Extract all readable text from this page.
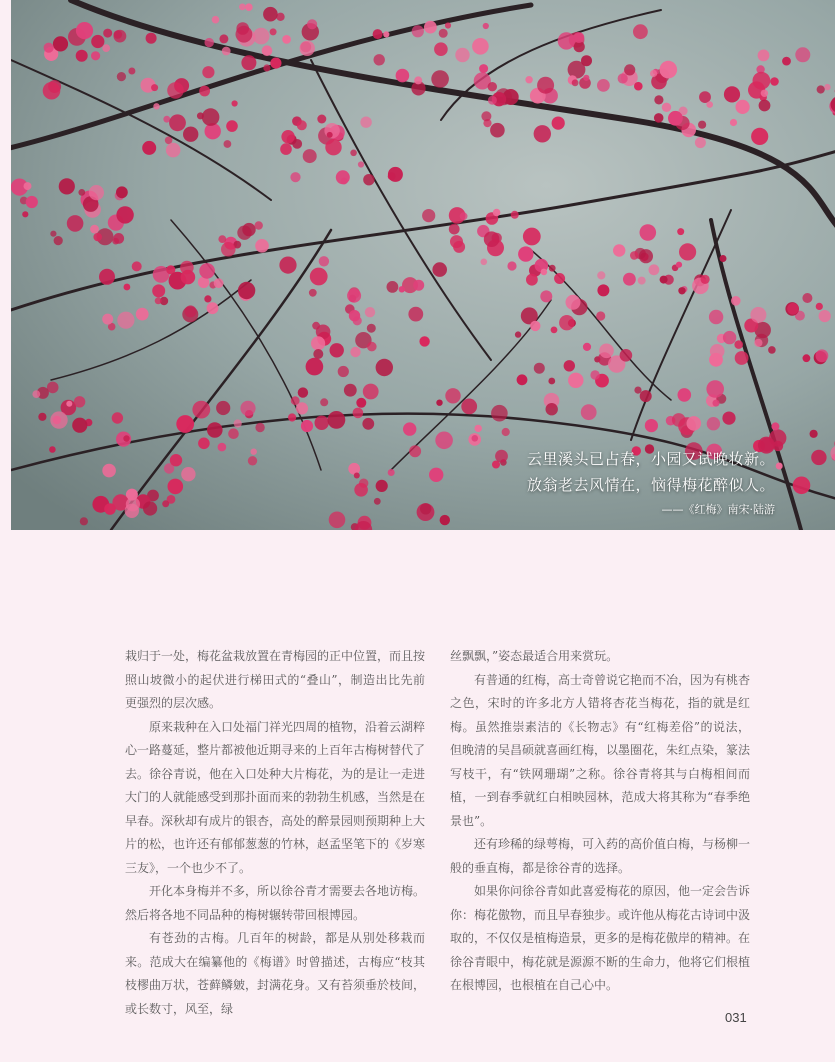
云里溪头已占春，小园又试晚妆新。
放翁老去风情在，恼得梅花醉似人。
——《红梅》南宋·陆游

栽归于一处，梅花盆栽放置在青梅园的正中位置，而且按照山坡微小的起伏进行梯田式的“叠山”，制造出比先前更强烈的层次感。

原来栽种在入口处福门祥光四周的植物，沿着云湖粹心一路蔓延，整片都被他近期寻来的上百年古梅树替代了去。徐谷青说，他在入口处种大片梅花，为的是让一走进大门的人就能感受到那扑面而来的勃勃生机感，当然是在早春。深秋却有成片的银杏，高处的醉景园则预期种上大片的松，也许还有郁郁葱葱的竹林，赵孟坚笔下的《岁寒三友》，一个也少不了。

开化本身梅并不多，所以徐谷青才需要去各地访梅。然后将各地不同品种的梅树辗转带回根博园。

有苍劲的古梅。几百年的树龄，都是从别处移栽而来。范成大在编纂他的《梅谱》时曾描述，古梅应“枝其枝樛曲万状，苍藓鳞皴，封满花身。又有苔须垂於枝间，或长数寸，风至，绿

丝飘飘，”姿态最适合用来赏玩。

有普通的红梅，高士奇曾说它艳而不冶，因为有桃杏之色，宋时的许多北方人错将杏花当梅花，指的就是红梅。虽然推崇素洁的《长物志》有“红梅差俗”的说法，但晚清的吴昌硕就喜画红梅，以墨圈花，朱红点染，篆法写枝干，有“铁网珊瑚”之称。徐谷青将其与白梅相间而植，一到春季就红白相映园林，范成大将其称为“春季绝景也”。

还有珍稀的绿萼梅，可入药的高价值白梅，与杨柳一般的垂直梅，都是徐谷青的选择。

如果你问徐谷青如此喜爱梅花的原因，他一定会告诉你：梅花傲物，而且早春独步。或许他从梅花古诗词中汲取的，不仅仅是植梅造景，更多的是梅花傲岸的精神。在徐谷青眼中，梅花就是源源不断的生命力，他将它们根植在根博园，也根植在自己心中。

031
